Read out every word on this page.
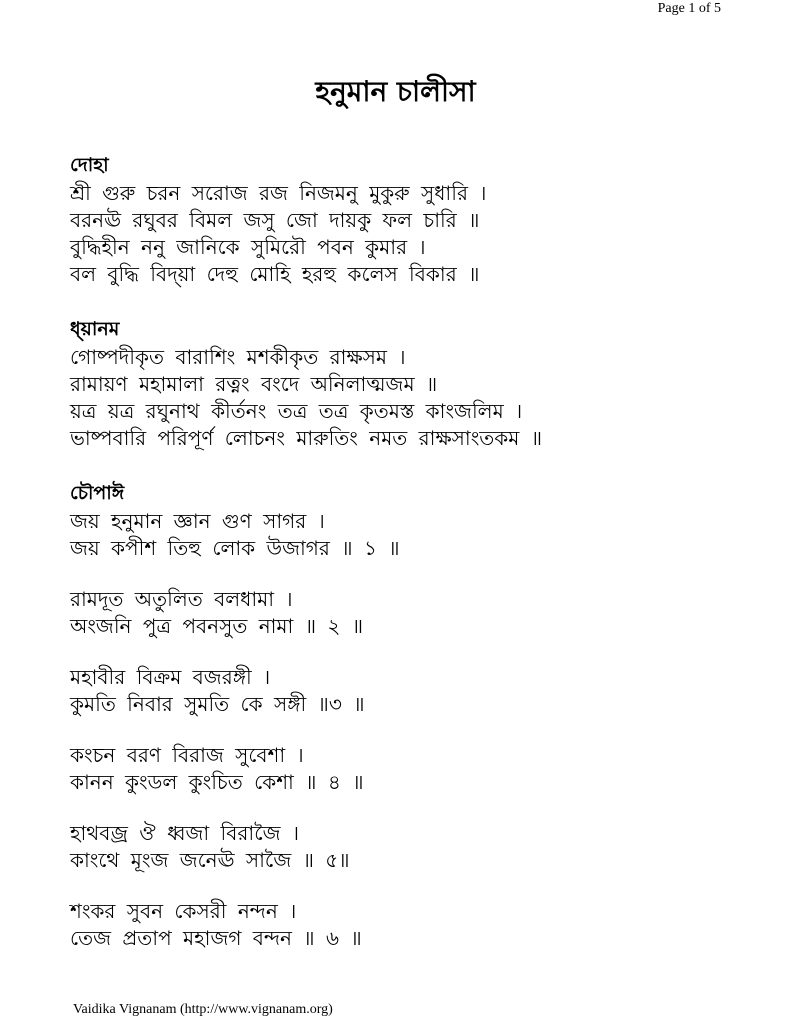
Page 1 of 5
হনুমান চালীসা
দোহা
শ্রী গুরু চরন সরোজ রজ নিজমনু মুকুরু সুধারি ।
বরনঊ রঘুবর বিমল জসু জো দায়কু ফল চারি ॥
বুদ্ধিহীন ননু জানিকে সুমিরৌ পবন কুমার ।
বল বুদ্ধি বিদ্য়া দেহু মোহি হরহু কলেস বিকার ॥
ধ্য়ানম
গোষ্পদীকৃত বারাশিং মশকীকৃত রাক্ষসম ।
রামায়ণ মহামালা রত্নং বংদে অনিলাত্মজম ॥
য়ত্র য়ত্র রঘুনাথ কীর্তনং তত্র তত্র কৃতমস্ত কাংজলিম ।
ভাষ্পবারি পরিপূর্ণ লোচনং মারুতিং নমত রাক্ষসাংতকম ॥
চৌপাঈ
জয় হনুমান জ্ঞান গুণ সাগর ।
জয় কপীশ তিহু লোক উজাগর ॥ ১ ॥
রামদূত অতুলিত বলধামা ।
অংজনি পুত্র পবনসুত নামা ॥ ২ ॥
মহাবীর বিক্রম বজরঙ্গী ।
কুমতি নিবার সুমতি কে সঙ্গী ॥৩ ॥
কংচন বরণ বিরাজ সুবেশা ।
কানন কুংডল কুংচিত কেশা ॥ ৪ ॥
হাথবজ্র ঔ ধ্বজা বিরাজৈ ।
কাংথে মূংজ জনেঊ সাজৈ ॥ ৫॥
শংকর সুবন কেসরী নন্দন ।
তেজ প্রতাপ মহাজগ বন্দন ॥ ৬ ॥
Vaidika Vignanam (http://www.vignanam.org)
